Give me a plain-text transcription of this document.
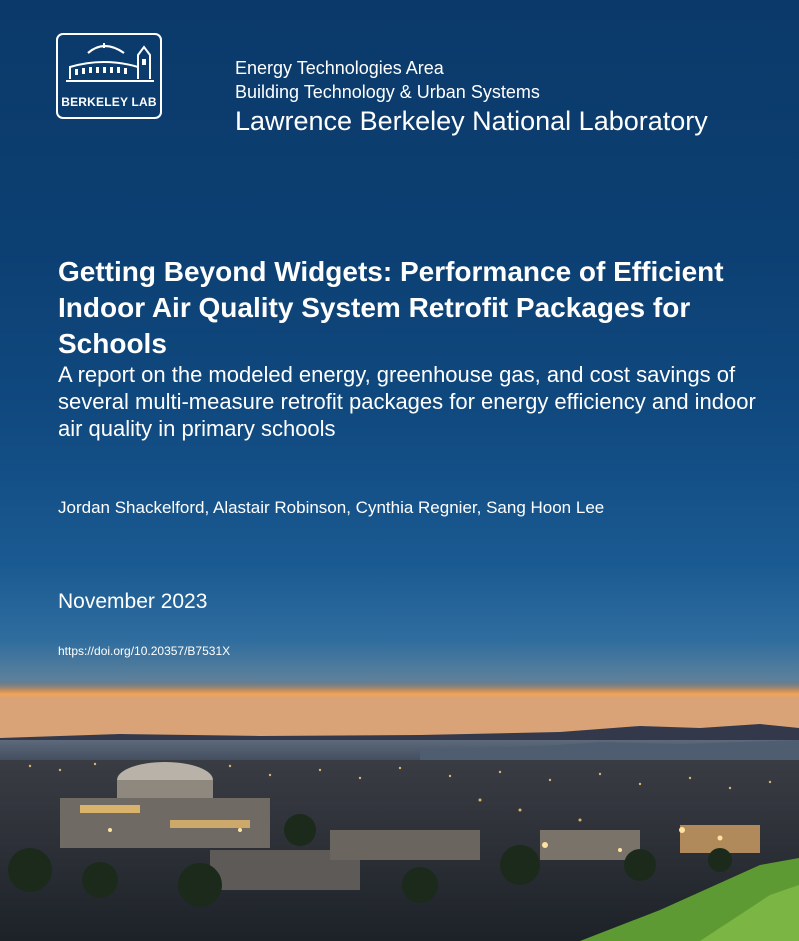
BERKELEY LAB
Energy Technologies Area
Building Technology & Urban Systems
Lawrence Berkeley National Laboratory
Getting Beyond Widgets: Performance of Efficient Indoor Air Quality System Retrofit Packages for Schools

A report on the modeled energy, greenhouse gas, and cost savings of several multi-measure retrofit packages for energy efficiency and indoor air quality in primary schools

Jordan Shackelford, Alastair Robinson, Cynthia Regnier, Sang Hoon Lee
November 2023
https://doi.org/10.20357/B7531X
